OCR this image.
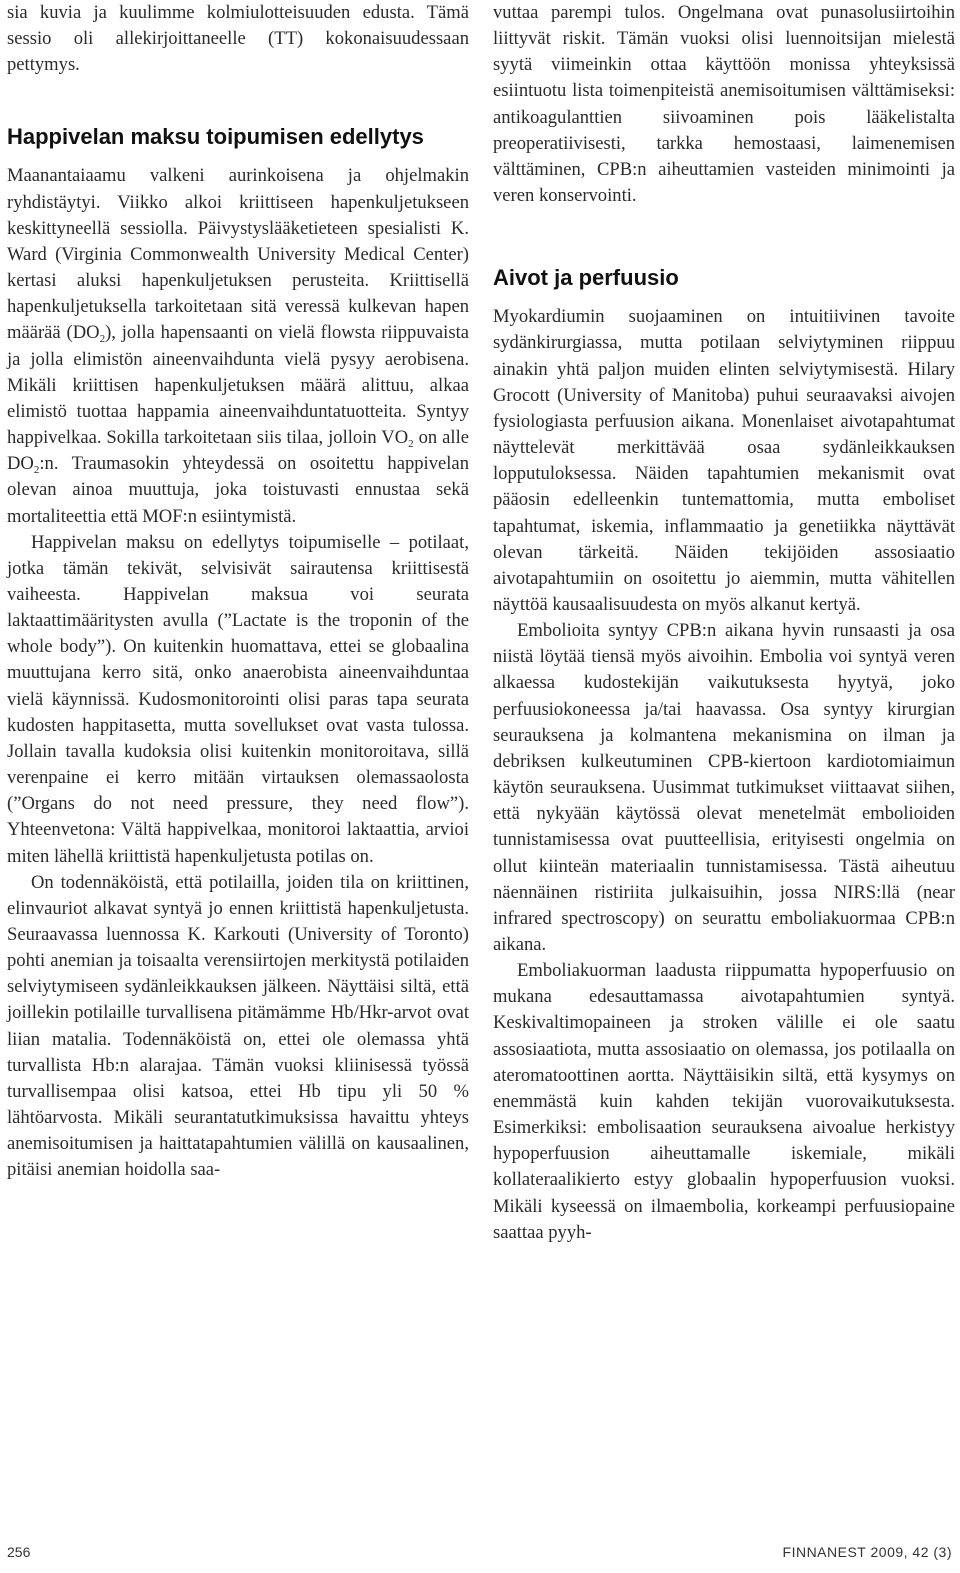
sia kuvia ja kuulimme kolmiulotteisuuden edusta. Tämä sessio oli allekirjoittaneelle (TT) kokonaisuudessaan pettymys.

Happivelan maksu toipumisen edellytys

Maanantaiaamu valkeni aurinkoisena ja ohjelmakin ryhdistäytyi. Viikko alkoi kriittiseen hapenkuljetukseen keskittyneellä sessiolla. Päivystyslääketieteen spesialisti K. Ward (Virginia Commonwealth University Medical Center) kertasi aluksi hapenkuljetuksen perusteita. Kriittisellä hapenkuljetuksella tarkoitetaan sitä veressä kulkevan hapen määrää $(DO_2)$, jolla hapensaanti on vielä flowsta riippuvaista ja jolla elimistön aineenvaihdunta vielä pysyy aerobisena. Mikäli kriittisen hapenkuljetuksen määrä alittuu, alkaa elimistö tuottaa happamia aineenvaihduntatuotteita. Syntyy happivelkaa. Sokilla tarkoitetaan siis tilaa, jolloin $VO_2$ on alle $DO_2:n$. Traumasokin yhteydessä on osoitettu happivelan olevan ainoa muuttuja, joka toistuvasti ennustaa sekä mortaliteettia että MOF:n esiintymistä.

Happivelan maksu on edellytys toipumiselle – potilaat, jotka tämän tekivät, selvisivät sairautensa kriittisestä vaiheesta. Happivelan maksua voi seurata laktaattimääritysten avulla (”Lactate is the troponin of the whole body”). On kuitenkin huomattava, ettei se globaalina muuttujana kerro sitä, onko anaerobista aineenvaihduntaa vielä käynnissä. Kudosmonitorointi olisi paras tapa seurata kudosten happitasetta, mutta sovellukset ovat vasta tulossa. Jollain tavalla kudoksia olisi kuitenkin monitoroitava, sillä verenpaine ei kerro mitään virtauksen olemassaolosta (”Organs do not need pressure, they need flow”). Yhteenvetona: Vältä happivelkaa, monitoroi laktaattia, arvioi miten lähellä kriittistä hapenkuljetusta potilas on.

On todennäköistä, että potilailla, joiden tila on kriittinen, elinvauriot alkavat syntyä jo ennen kriittistä hapenkuljetusta. Seuraavassa luennossa K. Karkouti (University of Toronto) pohti anemian ja toisaalta verensiirtojen merkitystä potilaiden selviytymiseen sydänleikkauksen jälkeen. Näyttäisi siltä, että joillekin potilaille turvallisena pitämämme Hb/Hkr-arvot ovat liian matalia. Todennäköistä on, ettei ole olemassa yhtä turvallista Hb:n alarajaa. Tämän vuoksi kliinisessä työssä turvallisempaa olisi katsoa, ettei Hb tipu yli 50 % lähtöarvosta. Mikäli seurantatutkimuksissa havaittu yhteys anemisoitumisen ja haittatapahtumien välillä on kausaalinen, pitäisi anemian hoidolla saa-

vuttaa parempi tulos. Ongelmana ovat punasolusiirtoihin liittyvät riskit. Tämän vuoksi olisi luennoitsijan mielestä syytä viimeinkin ottaa käyttöön monissa yhteyksissä esiintuotu lista toimenpiteistä anemisoitumisen välttämiseksi: antikoagulanttien siivoaminen pois lääkelistalta preoperatiivisesti, tarkka hemostaasi, laimenemisen välttäminen, CPB:n aiheuttamien vasteiden minimointi ja veren konservointi.

Aivot ja perfuusio

Myokardiumin suojaaminen on intuitiivinen tavoite sydänkirurgiassa, mutta potilaan selviytyminen riippuu ainakin yhtä paljon muiden elinten selviytymisestä. Hilary Grocott (University of Manitoba) puhui seuraavaksi aivojen fysiologiasta perfuusion aikana. Monenlaiset aivotapahtumat näyttelevät merkittävää osaa sydänleikkauksen lopputuloksessa. Näiden tapahtumien mekanismit ovat pääosin edelleenkin tuntemattomia, mutta emboliset tapahtumat, iskemia, inflammaatio ja genetiikka näyttävät olevan tärkeitä. Näiden tekijöiden assosiaatio aivotapahtumiin on osoitettu jo aiemmin, mutta vähitellen näyttöä kausaalisuudesta on myös alkanut kertyä.

Embolioita syntyy CPB:n aikana hyvin runsaasti ja osa niistä löytää tiensä myös aivoihin. Embolia voi syntyä veren alkaessa kudostekijän vaikutuksesta hyytyä, joko perfuusiokoneessa ja/tai haavassa. Osa syntyy kirurgian seurauksena ja kolmantena mekanismina on ilman ja debriksen kulkeutuminen CPB-kiertoon kardiotomiaimun käytön seurauksena. Uusimmat tutkimukset viittaavat siihen, että nykyään käytössä olevat menetelmät embolioiden tunnistamisessa ovat puutteellisia, erityisesti ongelmia on ollut kiinteän materiaalin tunnistamisessa. Tästä aiheutuu näennäinen ristiriita julkaisuihin, jossa NIRS:llä (near infrared spectroscopy) on seurattu emboliakuormaa CPB:n aikana.

Emboliakuorman laadusta riippumatta hypoperfuusio on mukana edesauttamassa aivotapahtumien syntyä. Keskivaltimopaineen ja stroken välille ei ole saatu assosiaatiota, mutta assosiaatio on olemassa, jos potilaalla on ateromatoottinen aortta. Näyttäisikin siltä, että kysymys on enemmästä kuin kahden tekijän vuorovaikutuksesta. Esimerkiksi: embolisaation seurauksena aivoalue herkistyy hypoperfuusion aiheuttamalle iskemiale, mikäli kollateraalikierto estyy globaalin hypoperfuusion vuoksi. Mikäli kyseessä on ilmaembolia, korkeampi perfuusiopaine saattaa pyyh-

256	FINNANEST 2009, 42 (3)
